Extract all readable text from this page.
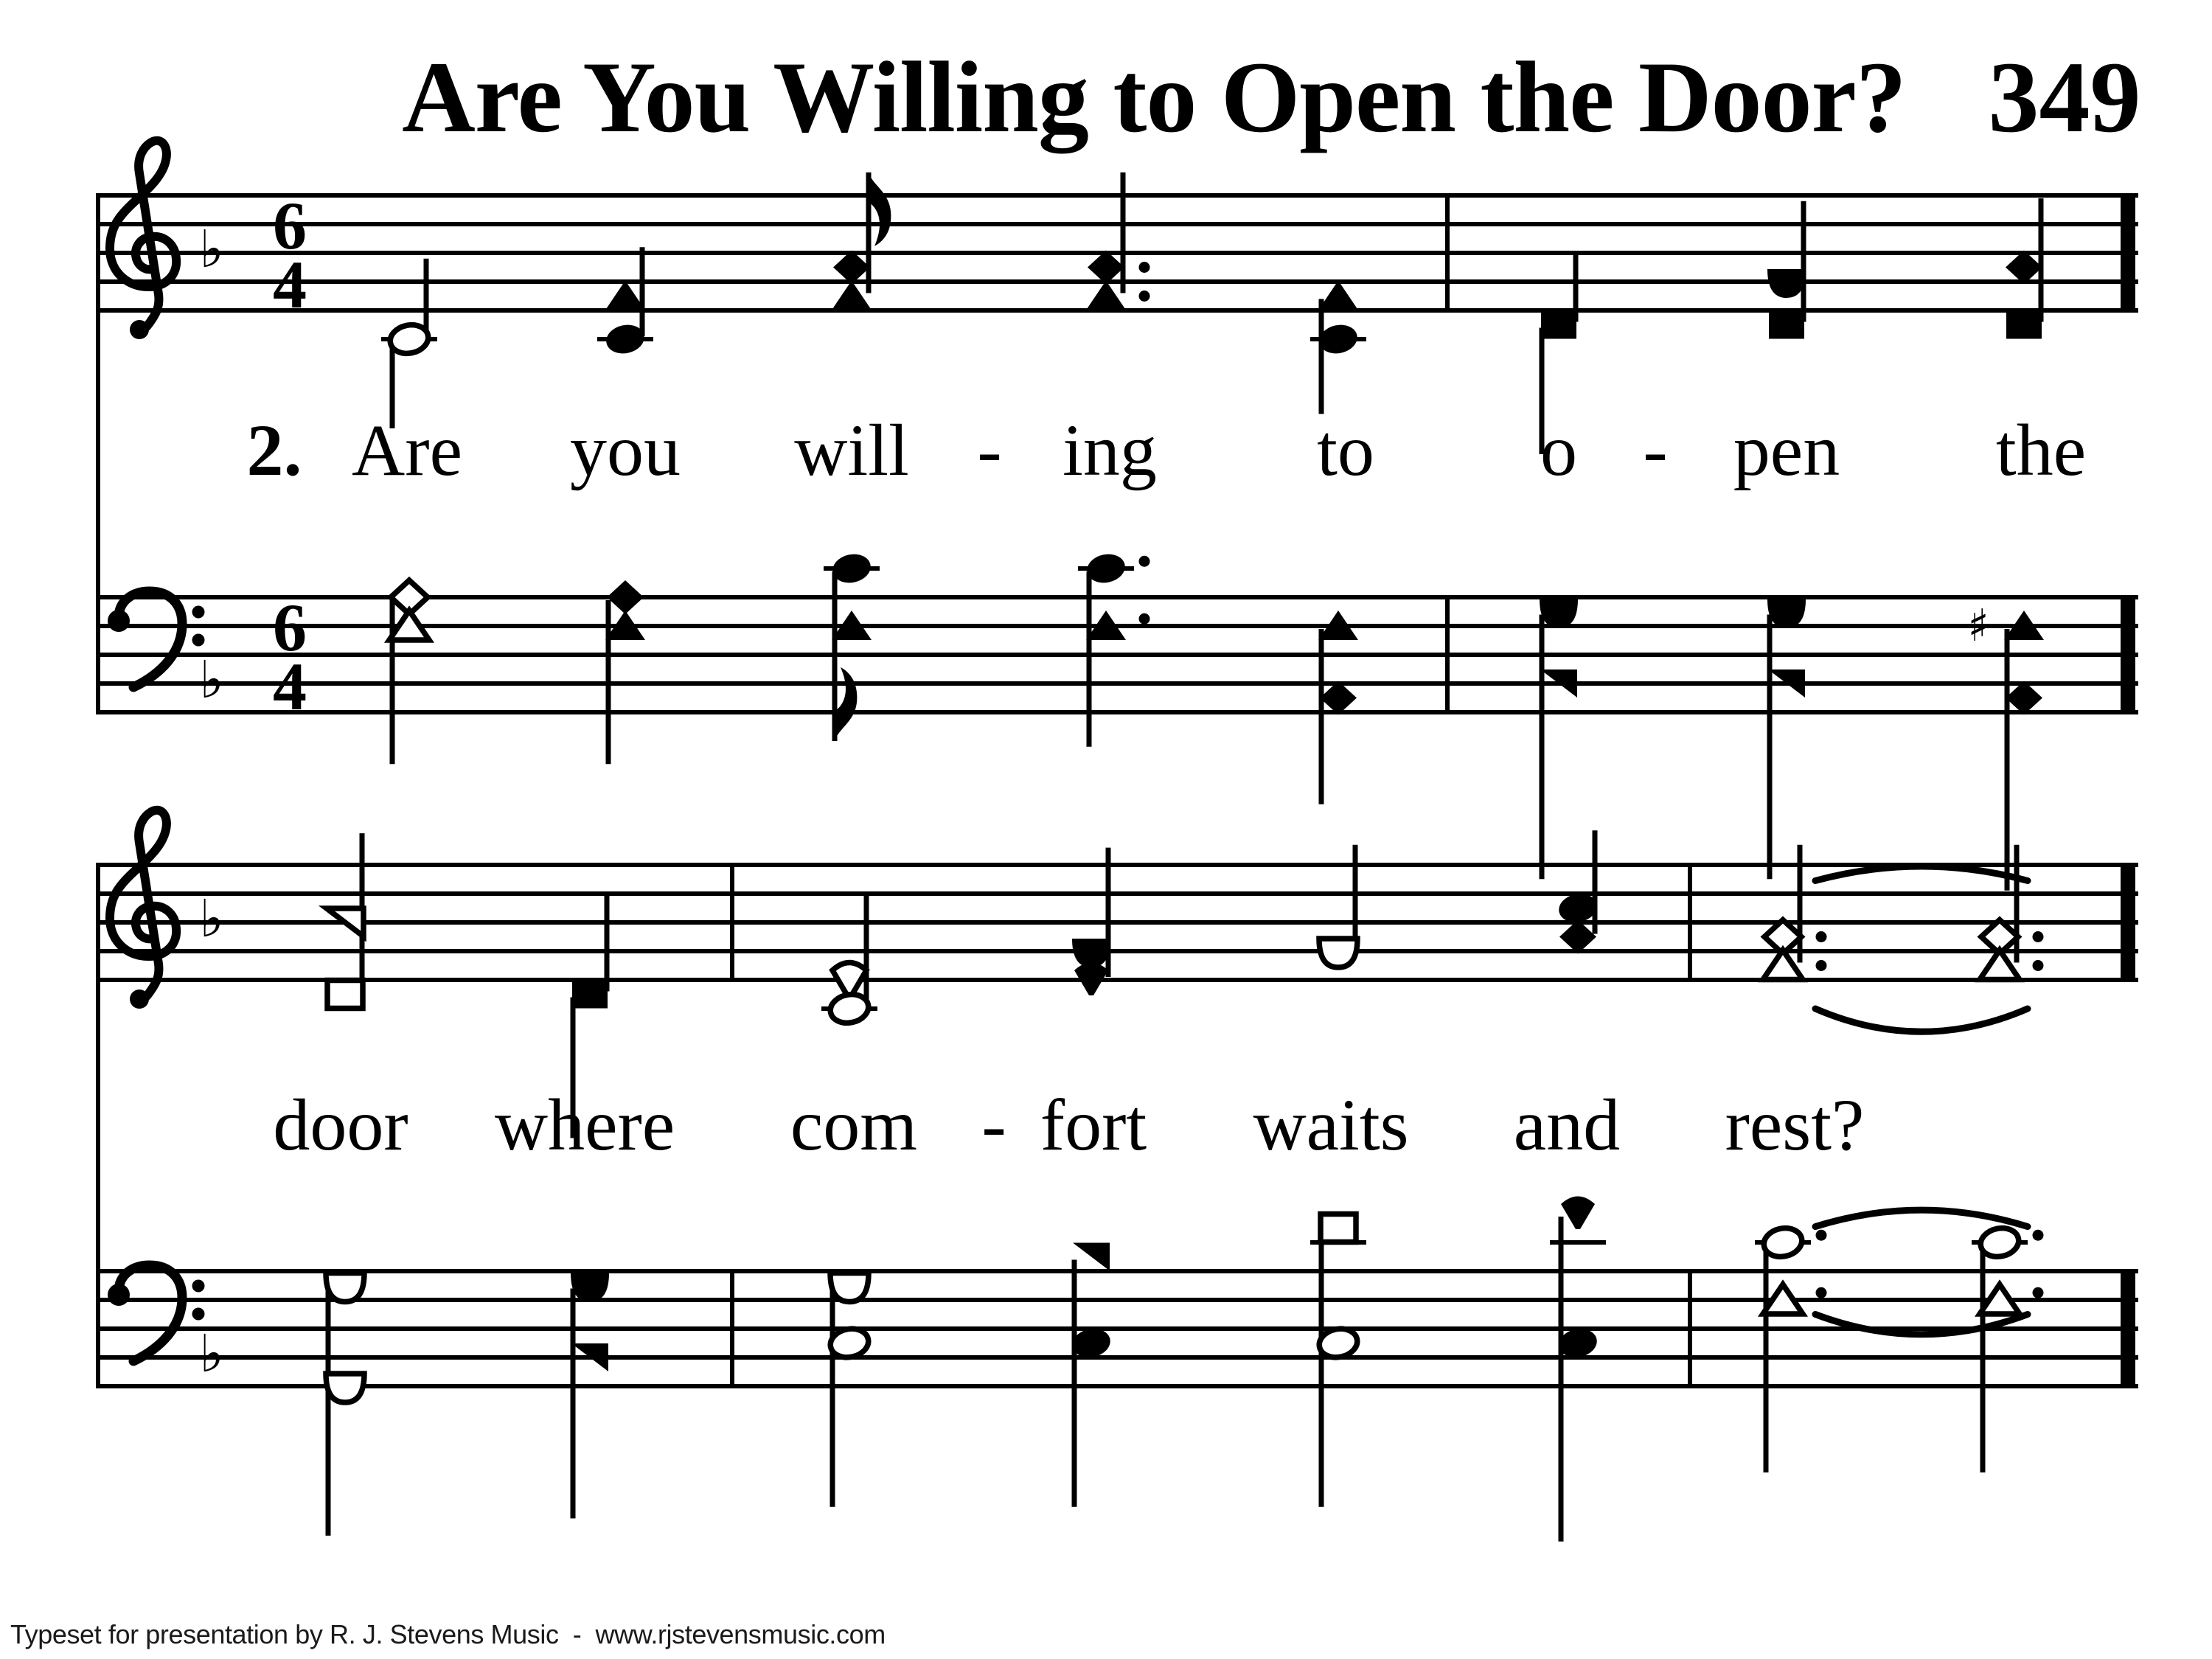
Are You Willing to Open the Door? 349
♭ 6
4
♭
6
4
♯
♭
♭
2. Are you will - ing to o - pen the
door where com - fort waits and rest?
Typeset for presentation by R. J. Stevens Music  -  www.rjstevensmusic.com
